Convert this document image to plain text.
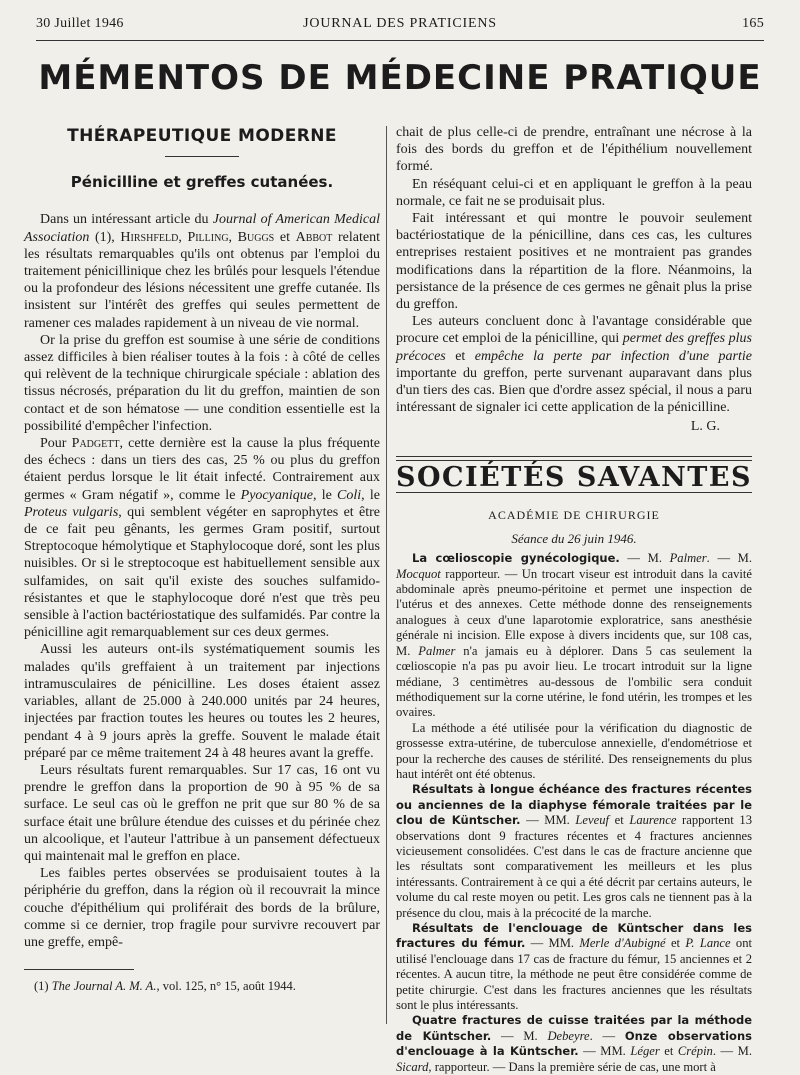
30 Juillet 1946	JOURNAL DES PRATICIENS	165
MÉMENTOS DE MÉDECINE PRATIQUE
THÉRAPEUTIQUE MODERNE
Pénicilline et greffes cutanées.

Dans un intéressant article du Journal of American Medical Association (1), Hirshfeld, Pilling, Buggs et Abbot relatent les résultats remarquables qu'ils ont obtenus par l'emploi du traitement pénicillinique chez les brûlés pour lesquels l'étendue ou la profondeur des lésions nécessitent une greffe cutanée. Ils insistent sur l'intérêt des greffes qui seules permettent de ramener ces malades rapidement à un niveau de vie normal.

Or la prise du greffon est soumise à une série de conditions assez difficiles à bien réaliser toutes à la fois : à côté de celles qui relèvent de la technique chirurgicale spéciale : ablation des tissus nécrosés, préparation du lit du greffon, maintien de son contact et de son hématose — une condition essentielle est la possibilité d'empêcher l'infection.

Pour Padgett, cette dernière est la cause la plus fréquente des échecs : dans un tiers des cas, 25 % ou plus du greffon étaient perdus lorsque le lit était infecté. Contrairement aux germes « Gram négatif », comme le Pyocyanique, le Coli, le Proteus vulgaris, qui semblent végéter en saprophytes et être de ce fait peu gênants, les germes Gram positif, surtout Streptocoque hémolytique et Staphylocoque doré, sont les plus nuisibles. Or si le streptocoque est habituellement sensible aux sulfamides, on sait qu'il existe des souches sulfamido-résistantes et que le staphylocoque doré n'est que très peu sensible à l'action bactériostatique des sulfamidés. Par contre la pénicilline agit remarquablement sur ces deux germes.

Aussi les auteurs ont-ils systématiquement soumis les malades qu'ils greffaient à un traitement par injections intramusculaires de pénicilline. Les doses étaient assez variables, allant de 25.000 à 240.000 unités par 24 heures, injectées par fraction toutes les heures ou toutes les 2 heures, pendant 4 à 9 jours après la greffe. Souvent le malade était préparé par ce même traitement 24 à 48 heures avant la greffe.

Leurs résultats furent remarquables. Sur 17 cas, 16 ont vu prendre le greffon dans la proportion de 90 à 95 % de sa surface. Le seul cas où le greffon ne prit que sur 80 % de sa surface était une brûlure étendue des cuisses et du périnée chez un alcoolique, et l'auteur l'attribue à un pansement défectueux qui maintenait mal le greffon en place.

Les faibles pertes observées se produisaient toutes à la périphérie du greffon, dans la région où il recouvrait la mince couche d'épithélium qui proliférait des bords de la brûlure, comme si ce dernier, trop fragile pour survivre recouvert par une greffe, empê-

(1) The Journal A. M. A., vol. 125, n° 15, août 1944.

chait de plus celle-ci de prendre, entraînant une nécrose à la fois des bords du greffon et de l'épithélium nouvellement formé.

En réséquant celui-ci et en appliquant le greffon à la peau normale, ce fait ne se produisait plus.

Fait intéressant et qui montre le pouvoir seulement bactériostatique de la pénicilline, dans ces cas, les cultures entreprises restaient positives et ne montraient pas grandes modifications dans la répartition de la flore. Néanmoins, la persistance de la présence de ces germes ne gênait plus la prise du greffon.

Les auteurs concluent donc à l'avantage considérable que procure cet emploi de la pénicilline, qui permet des greffes plus précoces et empêche la perte par infection d'une partie importante du greffon, perte survenant auparavant dans plus d'un tiers des cas. Bien que d'ordre assez spécial, il nous a paru intéressant de signaler ici cette application de la pénicilline.

L. G.
SOCIÉTÉS SAVANTES
ACADÉMIE DE CHIRURGIE
Séance du 26 juin 1946.

La cœlioscopie gynécologique. — M. Palmer. — M. Mocquot rapporteur. — Un trocart viseur est introduit dans la cavité abdominale après pneumo-péritoine et permet une inspection de l'utérus et des annexes. Cette méthode donne des renseignements analogues à ceux d'une laparotomie exploratrice, sans anesthésie générale ni incision. Elle expose à divers incidents que, sur 108 cas, M. Palmer n'a jamais eu à déplorer. Dans 5 cas seulement la cœlioscopie n'a pas pu avoir lieu. Le trocart introduit sur la ligne médiane, 3 centimètres au-dessous de l'ombilic sera conduit méthodiquement sur la corne utérine, le fond utérin, les trompes et les ovaires.

La méthode a été utilisée pour la vérification du diagnostic de grossesse extra-utérine, de tuberculose annexielle, d'endométriose et pour la recherche des causes de stérilité. Des renseignements du plus haut intérêt ont été obtenus.

Résultats à longue échéance des fractures récentes ou anciennes de la diaphyse fémorale traitées par le clou de Küntscher. — MM. Leveuf et Laurence rapportent 13 observations dont 9 fractures récentes et 4 fractures anciennes vicieusement consolidées. C'est dans le cas de fracture ancienne que les résultats sont comparativement les meilleurs et les plus intéressants. Contrairement à ce qui a été décrit par certains auteurs, le volume du cal reste moyen ou petit. Les gros cals ne tiennent pas à la présence du clou, mais à la précocité de la marche.

Résultats de l'enclouage de Küntscher dans les fractures du fémur. — MM. Merle d'Aubigné et P. Lance ont utilisé l'enclouage dans 17 cas de fracture du fémur, 15 anciennes et 2 récentes. A aucun titre, la méthode ne peut être considérée comme de petite chirurgie. C'est dans les fractures anciennes que les résultats sont le plus intéressants.

Quatre fractures de cuisse traitées par la méthode de Küntscher. — M. Debeyre. — Onze observations d'enclouage à la Küntscher. — MM. Léger et Crépin. — M. Sicard, rapporteur. — Dans la première série de cas, une mort à
